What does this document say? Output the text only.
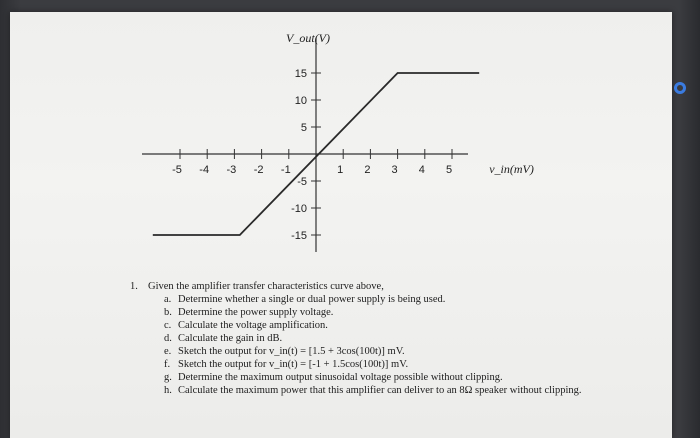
-5 -4 -3 -2 -1	1 2 3 4 5
15
10
5
-5
-10
-15
v_in(mV)
V_out(V)
1. Given the amplifier transfer characteristics curve above,
a. Determine whether a single or dual power supply is being used.
b. Determine the power supply voltage.
c. Calculate the voltage amplification.
d. Calculate the gain in dB.
e. Sketch the output for v_in(t) = [1.5 + 3cos(100t)] mV.
f. Sketch the output for v_in(t) = [-1 + 1.5cos(100t)] mV.
g. Determine the maximum output sinusoidal voltage possible without clipping.
h. Calculate the maximum power that this amplifier can deliver to an 8Ω speaker without clipping.
